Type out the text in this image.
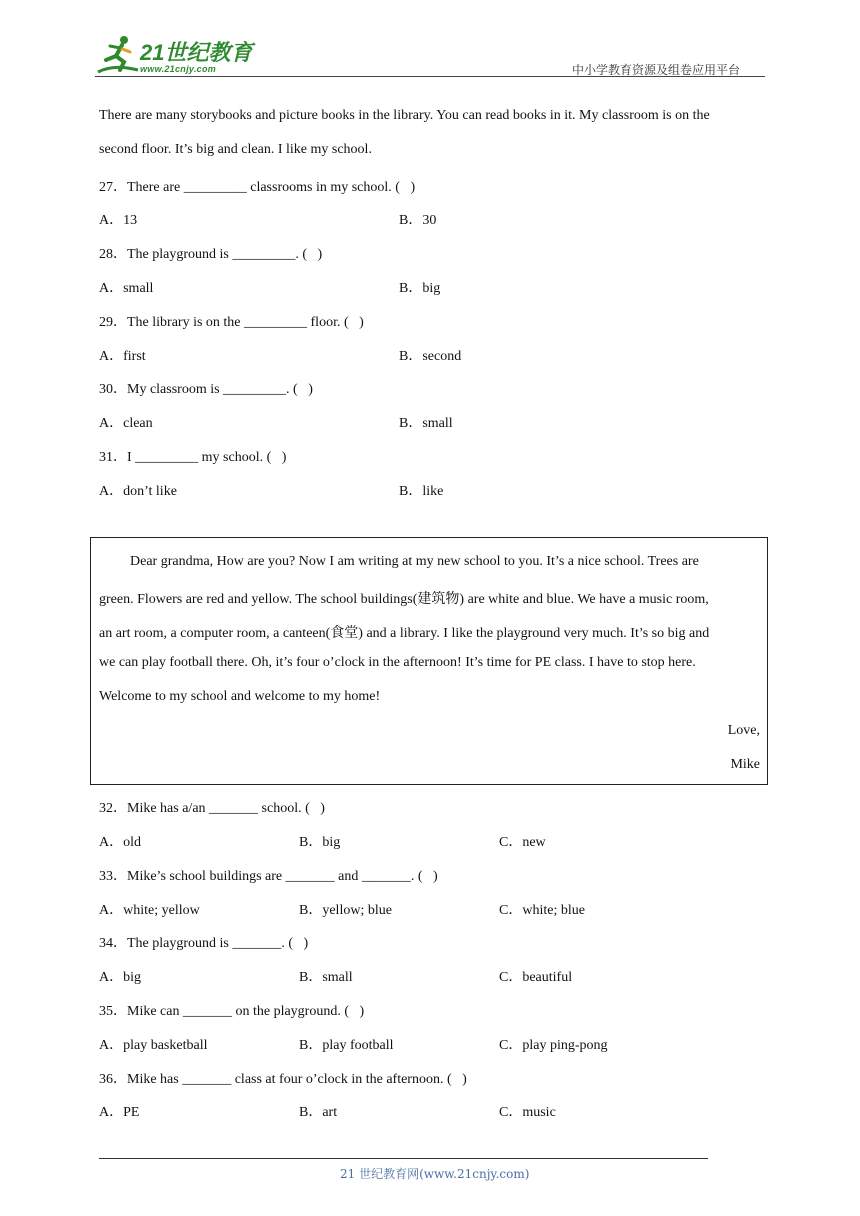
21世纪教育
www.21cnjy.com	中小学教育资源及组卷应用平台
There are many storybooks and picture books in the library. You can read books in it. My classroom is on the
second floor. It’s big and clean. I like my school.
27．There are _________ classrooms in my school. (   )
A．13	B．30
28．The playground is _________. (   )
A．small	B．big
29．The library is on the _________ floor. (   )
A．first	B．second
30．My classroom is _________. (   )
A．clean	B．small
31．I _________ my school. (   )
A．don’t like	B．like
Dear grandma, How are you? Now I am writing at my new school to you. It’s a nice school. Trees are
green. Flowers are red and yellow. The school buildings(建筑物) are white and blue. We have a music room,
an art room, a computer room, a canteen(食堂) and a library. I like the playground very much. It’s so big and
we can play football there. Oh, it’s four o’clock in the afternoon! It’s time for PE class. I have to stop here.
Welcome to my school and welcome to my home!
Love,
Mike
32．Mike has a/an _______ school. (   )
A．old	B．big	C．new
33．Mike’s school buildings are _______ and _______. (   )
A．white; yellow	B．yellow; blue	C．white; blue
34．The playground is _______. (   )
A．big	B．small	C．beautiful
35．Mike can _______ on the playground. (   )
A．play basketball	B．play football	C．play ping-pong
36．Mike has _______ class at four o’clock in the afternoon. (   )
A．PE	B．art	C．music
21 世纪教育网(www.21cnjy.com)
